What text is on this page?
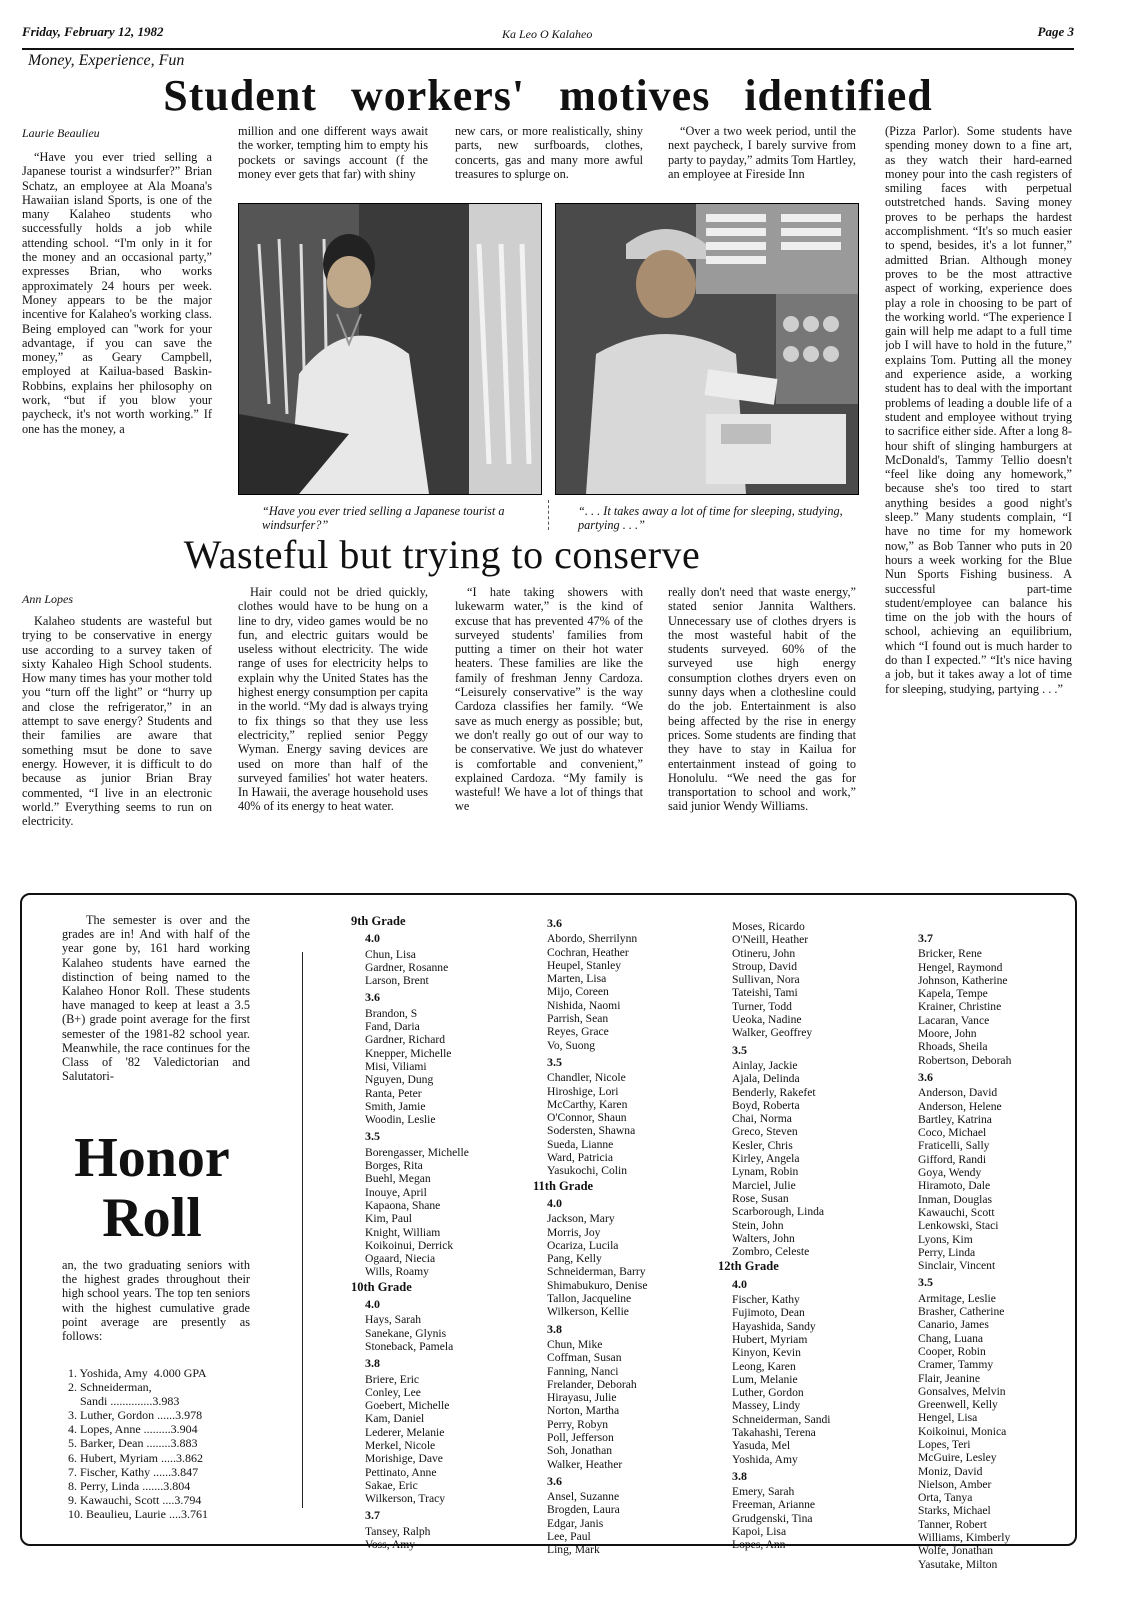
Friday, February 12, 1982	Ka Leo O Kalaheo	Page 3
Money, Experience, Fun
Student workers' motives identified
Laurie Beaulieu

“Have you ever tried selling a Japanese tourist a windsurfer?” Brian Schatz, an employee at Ala Moana's Hawaiian island Sports, is one of the many Kalaheo students who successfully holds a job while attending school. “I'm only in it for the money and an occasional party,” expresses Brian, who works approximately 24 hours per week. Money appears to be the major incentive for Kalaheo's working class. Being employed can ''work for your advantage, if you can save the money,” as Geary Campbell, employed at Kailua-based Baskin-Robbins, explains her philosophy on work, “but if you blow your paycheck, it's not worth working.” If one has the money, a

million and one different ways await the worker, tempting him to empty his pockets or savings account (f the money ever gets that far) with shiny

new cars, or more realistically, shiny parts, new surfboards, clothes, concerts, gas and many more awful treasures to splurge on.

“Over a two week period, until the next paycheck, I barely survive from party to payday,” admits Tom Hartley, an employee at Fireside Inn

(Pizza Parlor). Some students have spending money down to a fine art, as they watch their hard-earned money pour into the cash registers of smiling faces with perpetual outstretched hands. Saving money proves to be perhaps the hardest accomplishment. “It's so much easier to spend, besides, it's a lot funner,” admitted Brian. Although money proves to be the most attractive aspect of working, experience does play a role in choosing to be part of the working world. “The experience I gain will help me adapt to a full time job I will have to hold in the future,” explains Tom. Putting all the money and experience aside, a working student has to deal with the important problems of leading a double life of a student and employee without trying to sacrifice either side. After a long 8-hour shift of slinging hamburgers at McDonald's, Tammy Tellio doesn't “feel like doing any homework,” because she's too tired to start anything besides a good night's sleep.” Many students complain, “I have no time for my homework now,” as Bob Tanner who puts in 20 hours a week working for the Blue Nun Sports Fishing business. A successful part-time student/employee can balance his time on the job with the hours of school, achieving an equilibrium, which “I found out is much harder to do than I expected.” “It's nice having a job, but it takes away a lot of time for sleeping, studying, partying . . .”

“Have you ever tried selling a Japanese tourist a windsurfer?”
“. . . It takes away a lot of time for sleeping, studying, partying . . .”
Wasteful but trying to conserve
Ann Lopes

Kalaheo students are wasteful but trying to be conservative in energy use according to a survey taken of sixty Kahaleo High School students. How many times has your mother told you “turn off the light” or “hurry up and close the refrigerator,” in an attempt to save energy? Students and their families are aware that something msut be done to save energy. However, it is difficult to do because as junior Brian Bray commented, “I live in an electronic world.” Everything seems to run on electricity.

Hair could not be dried quickly, clothes would have to be hung on a line to dry, video games would be no fun, and electric guitars would be useless without electricity. The wide range of uses for electricity helps to explain why the United States has the highest energy consumption per capita in the world. “My dad is always trying to fix things so that they use less electricity,” replied senior Peggy Wyman. Energy saving devices are used on more than half of the surveyed families' hot water heaters. In Hawaii, the average household uses 40% of its energy to heat water.

“I hate taking showers with lukewarm water,” is the kind of excuse that has prevented 47% of the surveyed students' families from putting a timer on their hot water heaters. These families are like the family of freshman Jenny Cardoza. “Leisurely conservative” is the way Cardoza classifies her family. “We save as much energy as possible; but, we don't really go out of our way to be conservative. We just do whatever is comfortable and convenient,” explained Cardoza. “My family is wasteful! We have a lot of things that we

really don't need that waste energy,” stated senior Jannita Walthers. Unnecessary use of clothes dryers is the most wasteful habit of the students surveyed. 60% of the surveyed use high energy consumption clothes dryers even on sunny days when a clothesline could do the job. Entertainment is also being affected by the rise in energy prices. Some students are finding that they have to stay in Kailua for entertainment instead of going to Honolulu. “We need the gas for transportation to school and work,” said junior Wendy Williams.

The semester is over and the grades are in! And with half of the year gone by, 161 hard working Kalaheo students have earned the distinction of being named to the Kalaheo Honor Roll. These students have managed to keep at least a 3.5 (B+) grade point average for the first semester of the 1981-82 school year. Meanwhile, the race continues for the Class of '82 Valedictorian and Salutatori-

Honor
Roll

an, the two graduating seniors with the highest grades throughout their high school years. The top ten seniors with the highest cumulative grade point average are presently as follows:

1. Yoshida, Amy  4.000 GPA
2. Schneiderman,
Sandi ..............3.983
3. Luther, Gordon ......3.978
4. Lopes, Anne .........3.904
5. Barker, Dean ........3.883
6. Hubert, Myriam .....3.862
7. Fischer, Kathy ......3.847
8. Perry, Linda .......3.804
9. Kawauchi, Scott ....3.794
10. Beaulieu, Laurie ....3.761
9th Grade
4.0
Chun, Lisa
Gardner, Rosanne
Larson, Brent
3.6
Brandon, S
Fand, Daria
Gardner, Richard
Knepper, Michelle
Misi, Viliami
Nguyen, Dung
Ranta, Peter
Smith, Jamie
Woodin, Leslie
3.5
Borengasser, Michelle
Borges, Rita
Buehl, Megan
Inouye, April
Kapaona, Shane
Kim, Paul
Knight, William
Koikoinui, Derrick
Ogaard, Niecia
Wills, Roamy
10th Grade
4.0
Hays, Sarah
Sanekane, Glynis
Stoneback, Pamela
3.8
Briere, Eric
Conley, Lee
Goebert, Michelle
Kam, Daniel
Lederer, Melanie
Merkel, Nicole
Morishige, Dave
Pettinato, Anne
Sakae, Eric
Wilkerson, Tracy
3.7
Tansey, Ralph
Voss, Amy
3.6
Abordo, Sherrilynn
Cochran, Heather
Heupel, Stanley
Marten, Lisa
Mijo, Coreen
Nishida, Naomi
Parrish, Sean
Reyes, Grace
Vo, Suong
3.5
Chandler, Nicole
Hiroshige, Lori
McCarthy, Karen
O'Connor, Shaun
Sodersten, Shawna
Sueda, Lianne
Ward, Patricia
Yasukochi, Colin
11th Grade
4.0
Jackson, Mary
Morris, Joy
Ocariza, Lucila
Pang, Kelly
Schneiderman, Barry
Shimabukuro, Denise
Tallon, Jacqueline
Wilkerson, Kellie
3.8
Chun, Mike
Coffman, Susan
Fanning, Nanci
Frelander, Deborah
Hirayasu, Julie
Norton, Martha
Perry, Robyn
Poll, Jefferson
Soh, Jonathan
Walker, Heather
3.6
Ansel, Suzanne
Brogden, Laura
Edgar, Janis
Lee, Paul
Ling, Mark
Moses, Ricardo
O'Neill, Heather
Otineru, John
Stroup, David
Sullivan, Nora
Tateishi, Tami
Turner, Todd
Ueoka, Nadine
Walker, Geoffrey
3.5
Ainlay, Jackie
Ajala, Delinda
Benderly, Rakefet
Boyd, Roberta
Chai, Norma
Greco, Steven
Kesler, Chris
Kirley, Angela
Lynam, Robin
Marciel, Julie
Rose, Susan
Scarborough, Linda
Stein, John
Walters, John
Zombro, Celeste
12th Grade
4.0
Fischer, Kathy
Fujimoto, Dean
Hayashida, Sandy
Hubert, Myriam
Kinyon, Kevin
Leong, Karen
Lum, Melanie
Luther, Gordon
Massey, Lindy
Schneiderman, Sandi
Takahashi, Terena
Yasuda, Mel
Yoshida, Amy
3.8
Emery, Sarah
Freeman, Arianne
Grudgenski, Tina
Kapoi, Lisa
Lopes, Ann
3.7
Bricker, Rene
Hengel, Raymond
Johnson, Katherine
Kapela, Tempe
Krainer, Christine
Lacaran, Vance
Moore, John
Rhoads, Sheila
Robertson, Deborah
3.6
Anderson, David
Anderson, Helene
Bartley, Katrina
Coco, Michael
Fraticelli, Sally
Gifford, Randi
Goya, Wendy
Hiramoto, Dale
Inman, Douglas
Kawauchi, Scott
Lenkowski, Staci
Lyons, Kim
Perry, Linda
Sinclair, Vincent
3.5
Armitage, Leslie
Brasher, Catherine
Canario, James
Chang, Luana
Cooper, Robin
Cramer, Tammy
Flair, Jeanine
Gonsalves, Melvin
Greenwell, Kelly
Hengel, Lisa
Koikoinui, Monica
Lopes, Teri
McGuire, Lesley
Moniz, David
Nielson, Amber
Orta, Tanya
Starks, Michael
Tanner, Robert
Williams, Kimberly
Wolfe, Jonathan
Yasutake, Milton
